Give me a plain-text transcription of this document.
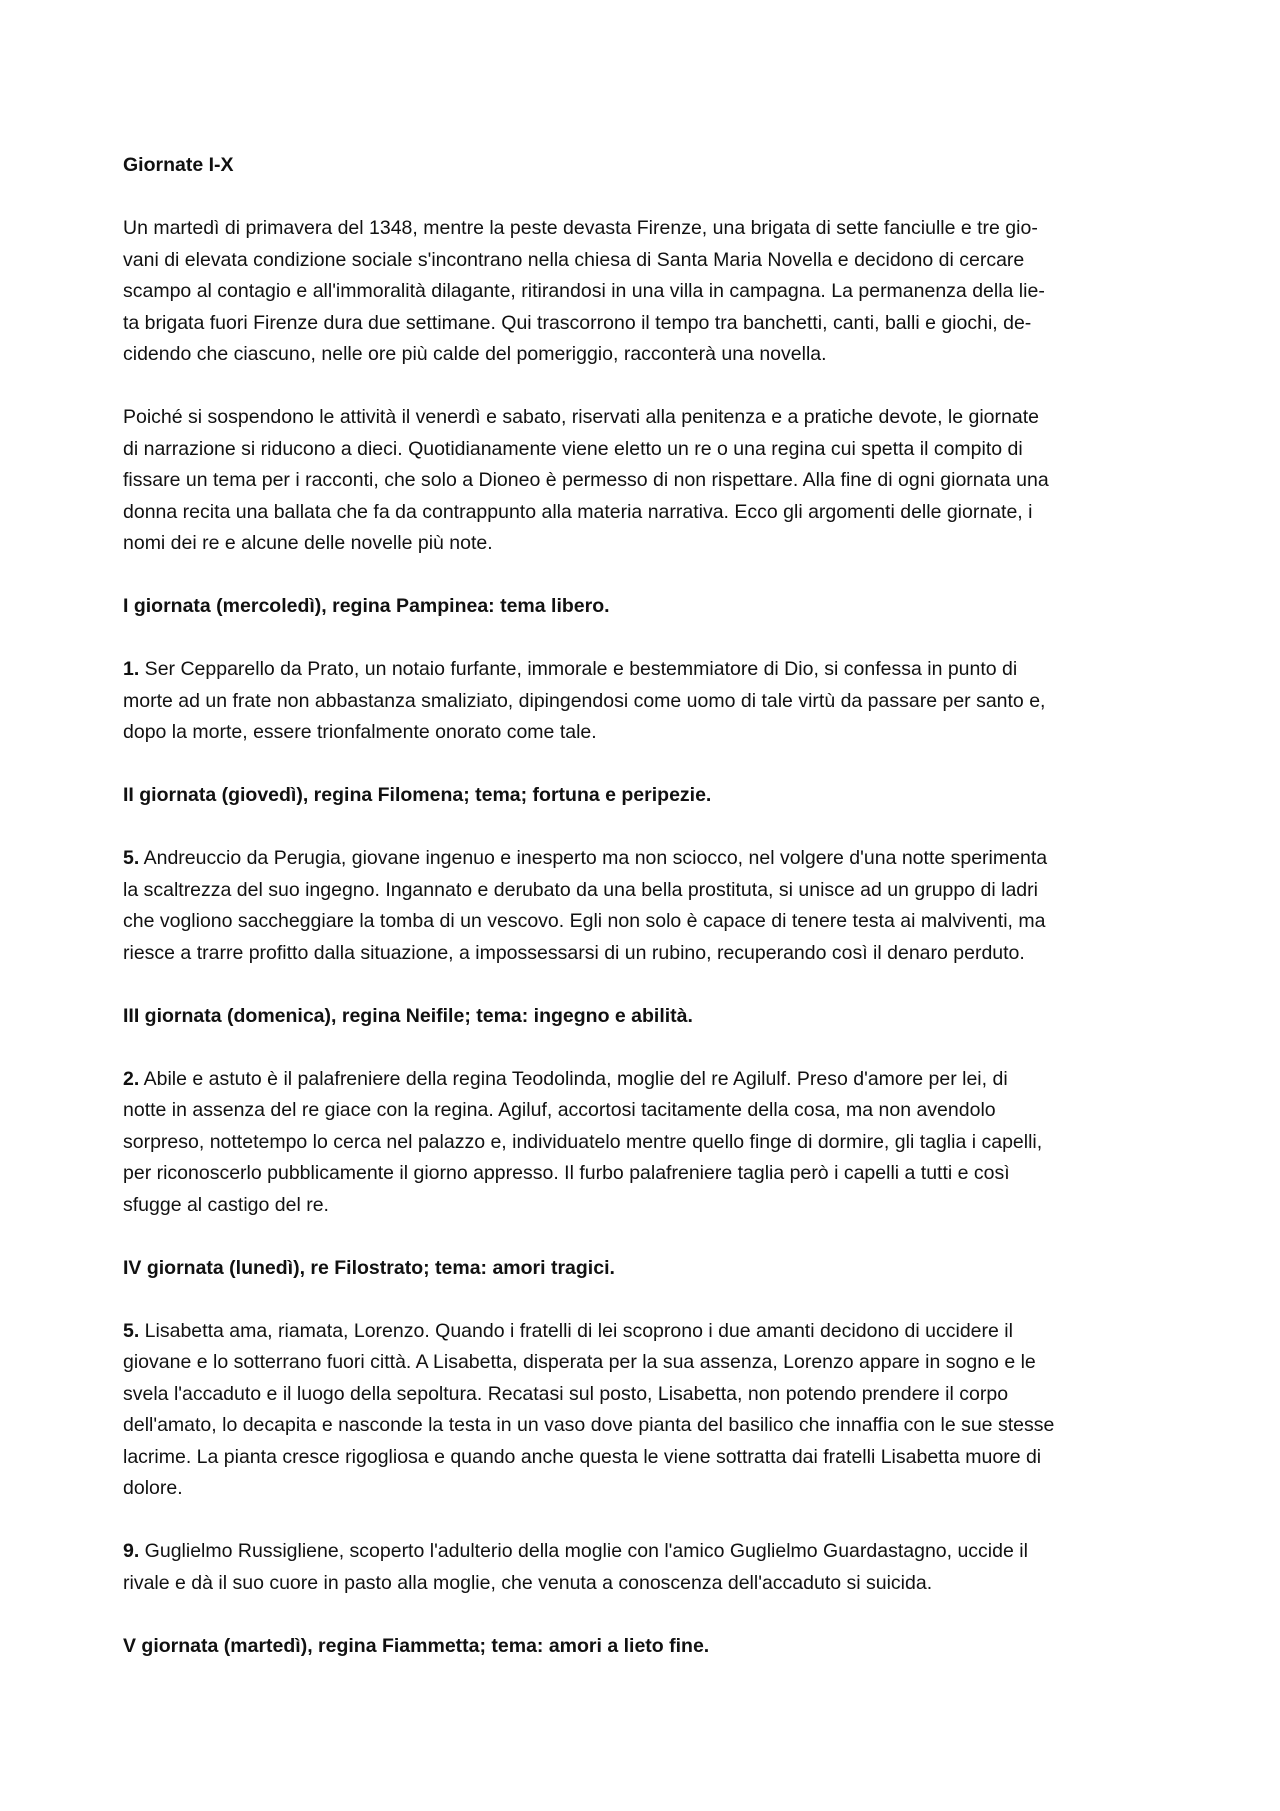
Giornate I-X

Un martedì di primavera del 1348, mentre la peste devasta Firenze, una brigata di sette fanciulle e tre gio-
vani di elevata condizione sociale s'incontrano nella chiesa di Santa Maria Novella e decidono di cercare
scampo al contagio e all'immoralità dilagante, ritirandosi in una villa in campagna. La permanenza della lie-
ta brigata fuori Firenze dura due settimane. Qui trascorrono il tempo tra banchetti, canti, balli e giochi, de-
cidendo che ciascuno, nelle ore più calde del pomeriggio, racconterà una novella.

Poiché si sospendono le attività il venerdì e sabato, riservati alla penitenza e a pratiche devote, le giornate
di narrazione si riducono a dieci. Quotidianamente viene eletto un re o una regina cui spetta il compito di
fissare un tema per i racconti, che solo a Dioneo è permesso di non rispettare. Alla fine di ogni giornata una
donna recita una ballata che fa da contrappunto alla materia narrativa. Ecco gli argomenti delle giornate, i
nomi dei re e alcune delle novelle più note.

I giornata (mercoledì), regina Pampinea: tema libero.

1. Ser Cepparello da Prato, un notaio furfante, immorale e bestemmiatore di Dio, si confessa in punto di
morte ad un frate non abbastanza smaliziato, dipingendosi come uomo di tale virtù da passare per santo e,
dopo la morte, essere trionfalmente onorato come tale.

II giornata (giovedì), regina Filomena; tema; fortuna e peripezie.

5. Andreuccio da Perugia, giovane ingenuo e inesperto ma non sciocco, nel volgere d'una notte sperimenta
la scaltrezza del suo ingegno. Ingannato e derubato da una bella prostituta, si unisce ad un gruppo di ladri
che vogliono saccheggiare la tomba di un vescovo. Egli non solo è capace di tenere testa ai malviventi, ma
riesce a trarre profitto dalla situazione, a impossessarsi di un rubino, recuperando così il denaro perduto.

III giornata (domenica), regina Neifile; tema: ingegno e abilità.

2. Abile e astuto è il palafreniere della regina Teodolinda, moglie del re Agilulf. Preso d'amore per lei, di
notte in assenza del re giace con la regina. Agiluf, accortosi tacitamente della cosa, ma non avendolo
sorpreso, nottetempo lo cerca nel palazzo e, individuatelo mentre quello finge di dormire, gli taglia i capelli,
per riconoscerlo pubblicamente il giorno appresso. Il furbo palafreniere taglia però i capelli a tutti e così
sfugge al castigo del re.

IV giornata (lunedì), re Filostrato; tema: amori tragici.

5. Lisabetta ama, riamata, Lorenzo. Quando i fratelli di lei scoprono i due amanti decidono di uccidere il
giovane e lo sotterrano fuori città. A Lisabetta, disperata per la sua assenza, Lorenzo appare in sogno e le
svela l'accaduto e il luogo della sepoltura. Recatasi sul posto, Lisabetta, non potendo prendere il corpo
dell'amato, lo decapita e nasconde la testa in un vaso dove pianta del basilico che innaffia con le sue stesse
lacrime. La pianta cresce rigogliosa e quando anche questa le viene sottratta dai fratelli Lisabetta muore di
dolore.

9. Guglielmo Russigliene, scoperto l'adulterio della moglie con l'amico Guglielmo Guardastagno, uccide il
rivale e dà il suo cuore in pasto alla moglie, che venuta a conoscenza dell'accaduto si suicida.

V giornata (martedì), regina Fiammetta; tema: amori a lieto fine.
